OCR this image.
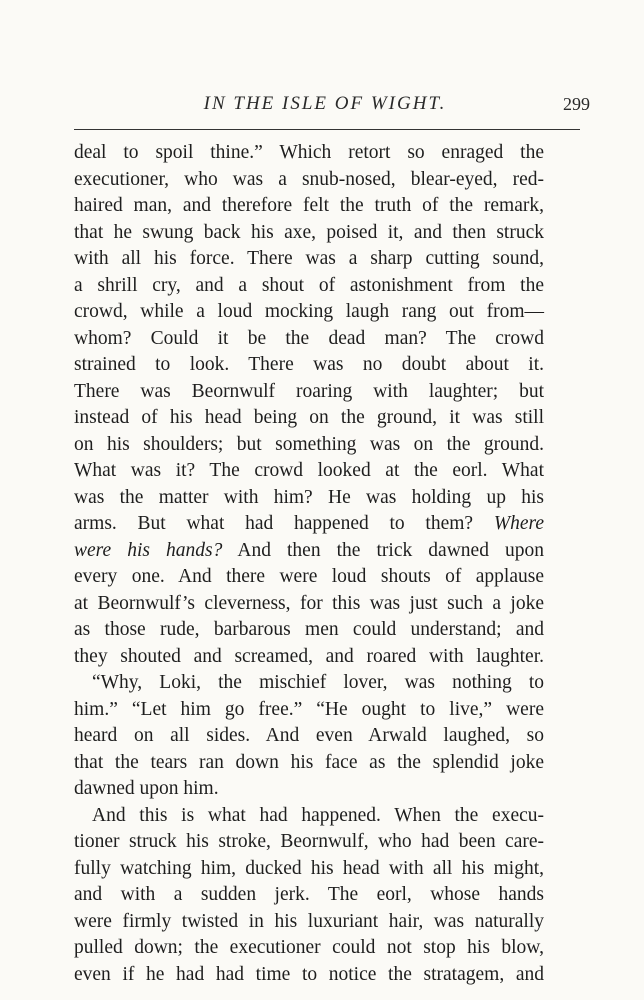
IN THE ISLE OF WIGHT.	299
deal to spoil thine.” Which retort so enraged the
executioner, who was a snub-nosed, blear-eyed, red-
haired man, and therefore felt the truth of the remark,
that he swung back his axe, poised it, and then struck
with all his force. There was a sharp cutting sound,
a shrill cry, and a shout of astonishment from the
crowd, while a loud mocking laugh rang out from—
whom? Could it be the dead man? The crowd
strained to look. There was no doubt about it.
There was Beornwulf roaring with laughter; but
instead of his head being on the ground, it was still
on his shoulders; but something was on the ground.
What was it? The crowd looked at the eorl. What
was the matter with him? He was holding up his
arms. But what had happened to them? Where
were his hands? And then the trick dawned upon
every one. And there were loud shouts of applause
at Beornwulf’s cleverness, for this was just such a joke
as those rude, barbarous men could understand; and
they shouted and screamed, and roared with laughter.
“Why, Loki, the mischief lover, was nothing to
him.” “Let him go free.” “He ought to live,” were
heard on all sides. And even Arwald laughed, so
that the tears ran down his face as the splendid joke
dawned upon him.
And this is what had happened. When the execu-
tioner struck his stroke, Beornwulf, who had been care-
fully watching him, ducked his head with all his might,
and with a sudden jerk. The eorl, whose hands
were firmly twisted in his luxuriant hair, was naturally
pulled down; the executioner could not stop his blow,
even if he had had time to notice the stratagem, and
